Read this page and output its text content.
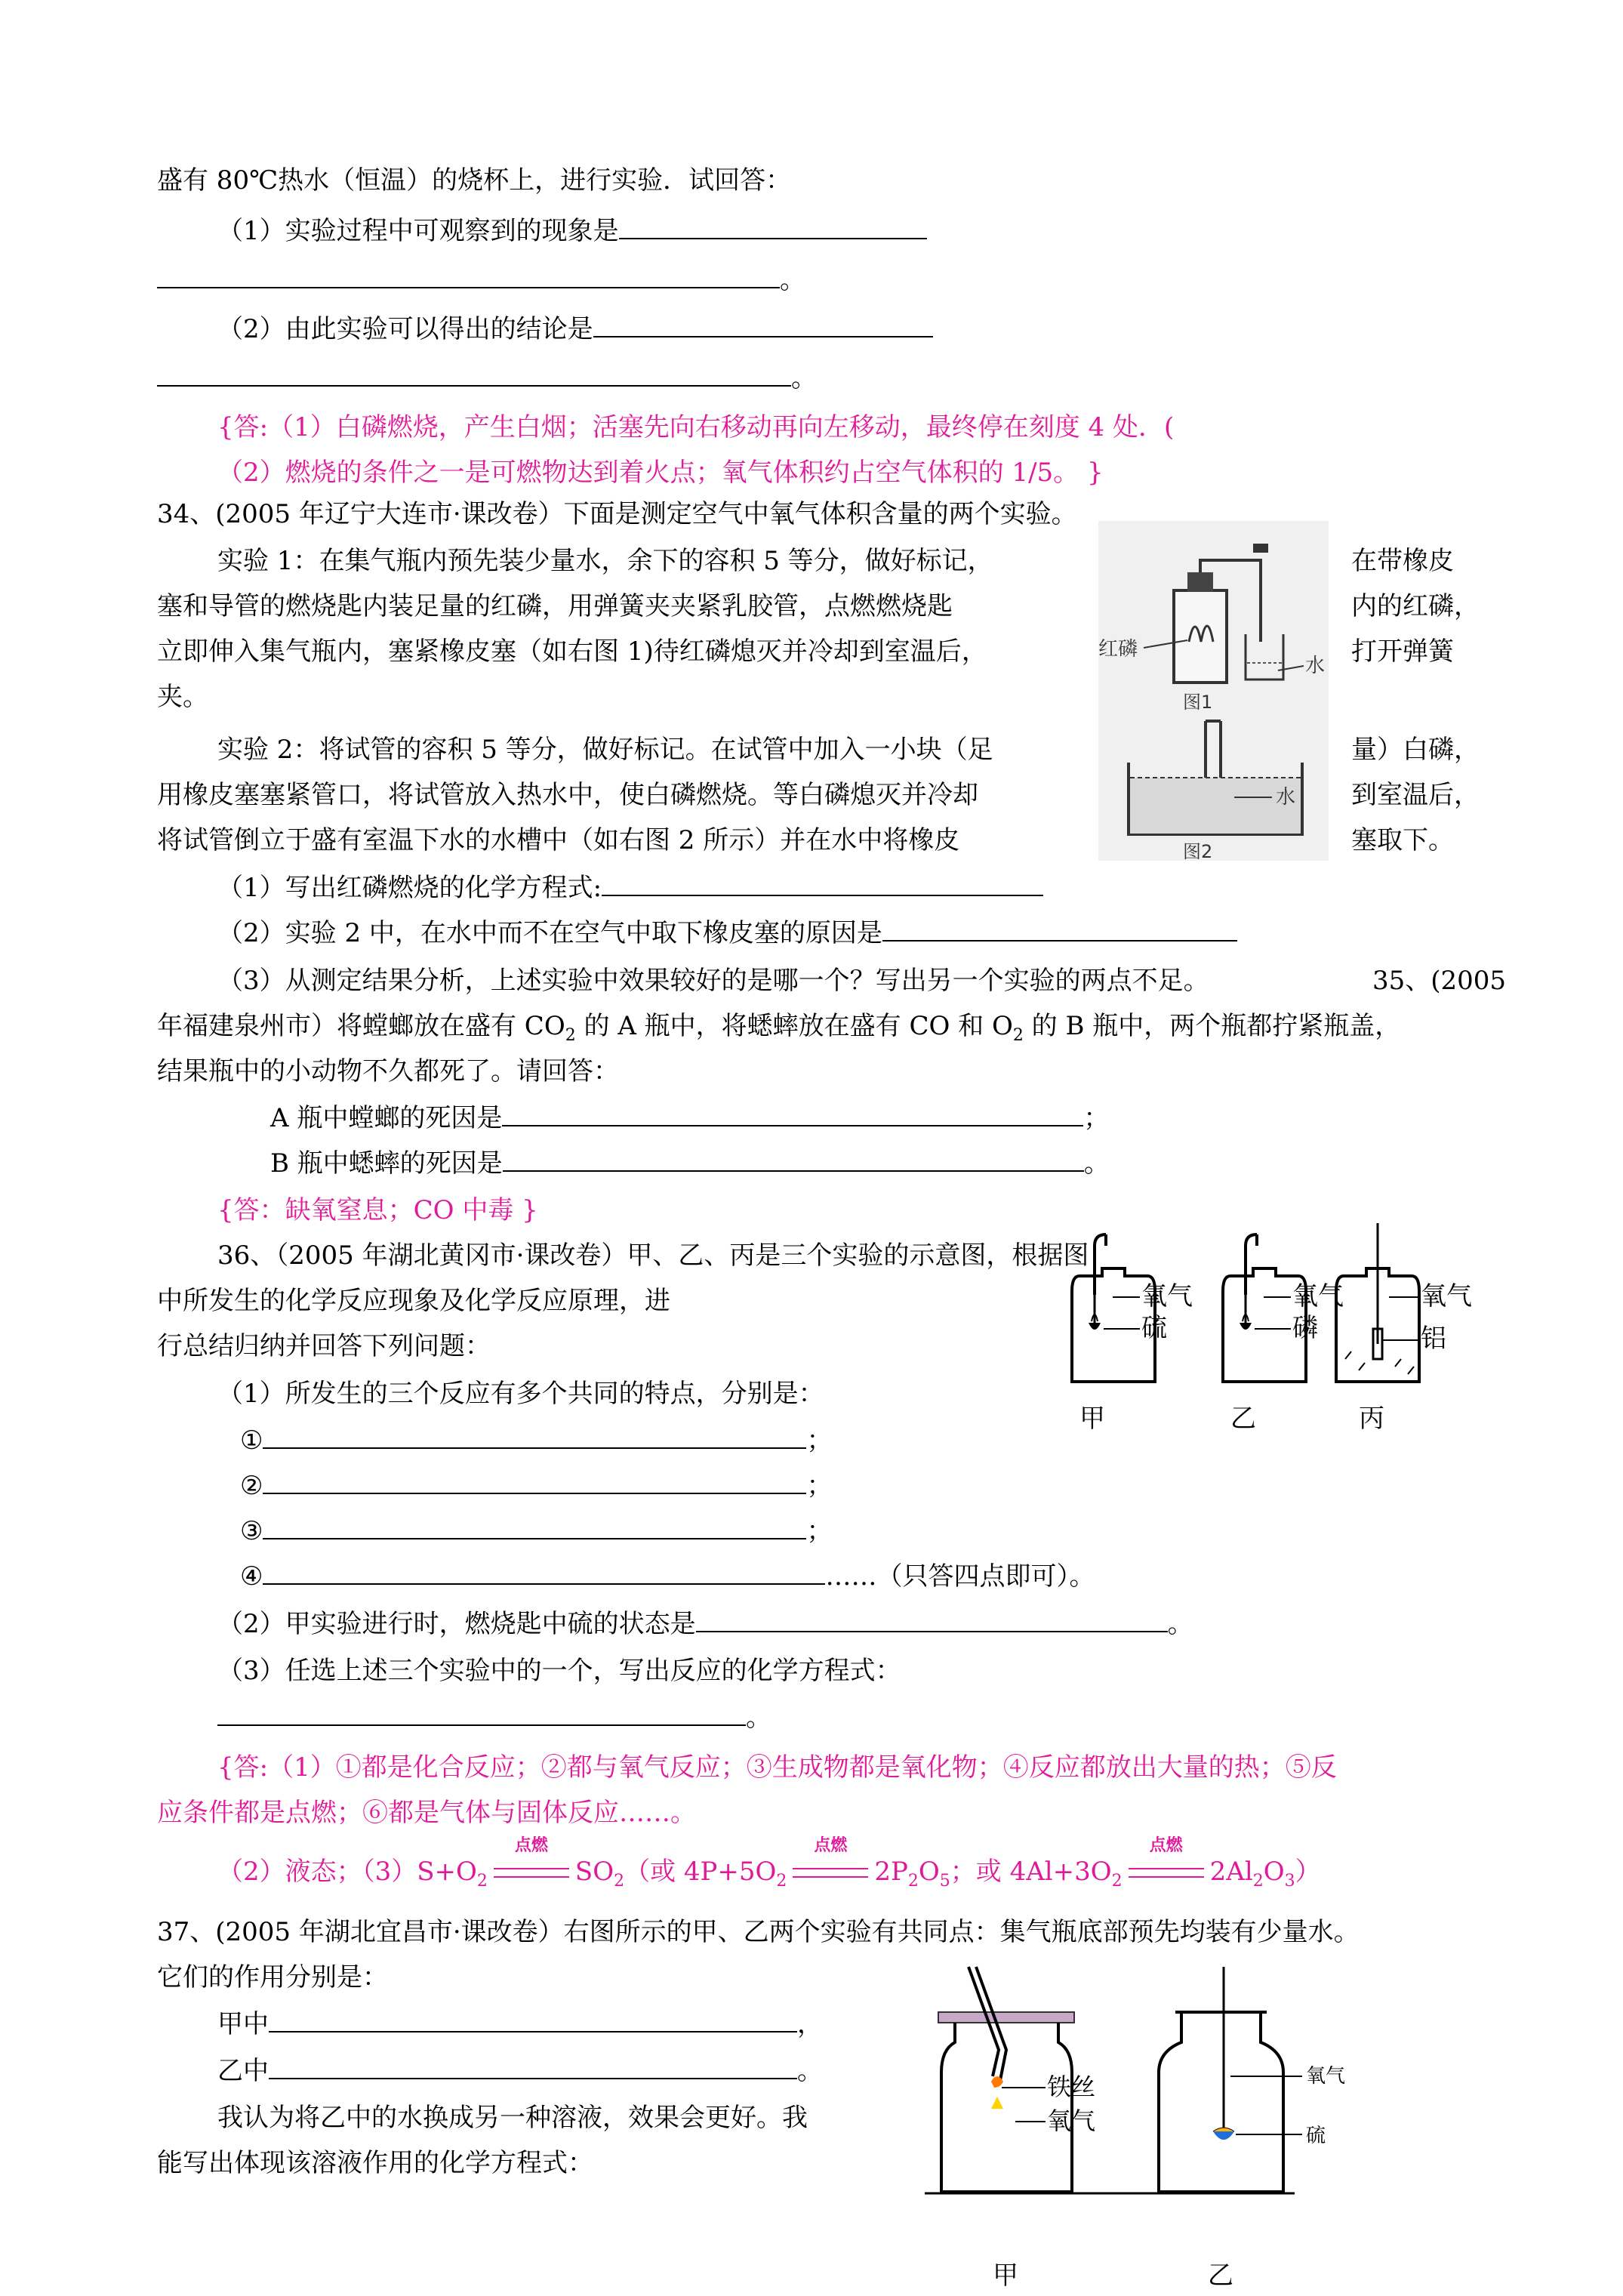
盛有 80℃热水（恒温）的烧杯上，进行实验．试回答：
（1）实验过程中可观察到的现象是
。
（2）由此实验可以得出的结论是
。
{答:（1）白磷燃烧，产生白烟；活塞先向右移动再向左移动，最终停在刻度 4 处．(
（2）燃烧的条件之一是可燃物达到着火点；氧气体积约占空气体积的 1/5。 }
34、(2005 年辽宁大连市·课改卷）下面是测定空气中氧气体积含量的两个实验。
实验 1：在集气瓶内预先装少量水，余下的容积 5 等分，做好标记，	在带橡皮
塞和导管的燃烧匙内装足量的红磷，用弹簧夹夹紧乳胶管，点燃燃烧匙	内的红磷，
立即伸入集气瓶内，塞紧橡皮塞（如右图 1)待红磷熄灭并冷却到室温后，	打开弹簧
夹。
实验 2：将试管的容积 5 等分，做好标记。在试管中加入一小块（足	量）白磷，
用橡皮塞塞紧管口，将试管放入热水中，使白磷燃烧。等白磷熄灭并冷却	到室温后，
将试管倒立于盛有室温下水的水槽中（如右图 2 所示）并在水中将橡皮	塞取下。
（1）写出红磷燃烧的化学方程式:
（2）实验 2 中，在水中而不在空气中取下橡皮塞的原因是
（3）从测定结果分析，上述实验中效果较好的是哪一个？写出另一个实验的两点不足。	35、(2005
年福建泉州市）将螳螂放在盛有 $CO_2$ 的 A 瓶中，将蟋蟀放在盛有 CO 和 $O_2$ 的 B 瓶中，两个瓶都拧紧瓶盖，
结果瓶中的小动物不久都死了。请回答：
A 瓶中螳螂的死因是	；
B 瓶中蟋蟀的死因是	。
{答：缺氧窒息；CO 中毒 }
36、（2005 年湖北黄冈市·课改卷）甲、乙、丙是三个实验的示意图，根据图
中所发生的化学反应现象及化学反应原理，进
行总结归纳并回答下列问题：
（1）所发生的三个反应有多个共同的特点，分别是：
①	；
②	；
③	；
④	……（只答四点即可）。
（2）甲实验进行时，燃烧匙中硫的状态是	。
（3）任选上述三个实验中的一个，写出反应的化学方程式：
。
{答:（1）①都是化合反应；②都与氧气反应；③生成物都是氧化物；④反应都放出大量的热；⑤反
应条件都是点燃；⑥都是气体与固体反应……。
（2）液态；$(3)S+O_2$
点燃
$SO_2$（或 $4P+5O_2$
点燃
$2P_2O_5$；或 $4Al+3O_2$
点燃
$2Al_2O_3$）
37、(2005 年湖北宜昌市·课改卷）右图所示的甲、乙两个实验有共同点：集气瓶底部预先均装有少量水。
它们的作用分别是：
甲中	，
乙中	。
我认为将乙中的水换成另一种溶液，效果会更好。我
能写出体现该溶液作用的化学方程式：
红磷
水
图1
水
图2
氧气
硫
甲
氧气
磷
乙
氧气
铝
丙
铁丝
氧气
甲
氧气
硫
乙
